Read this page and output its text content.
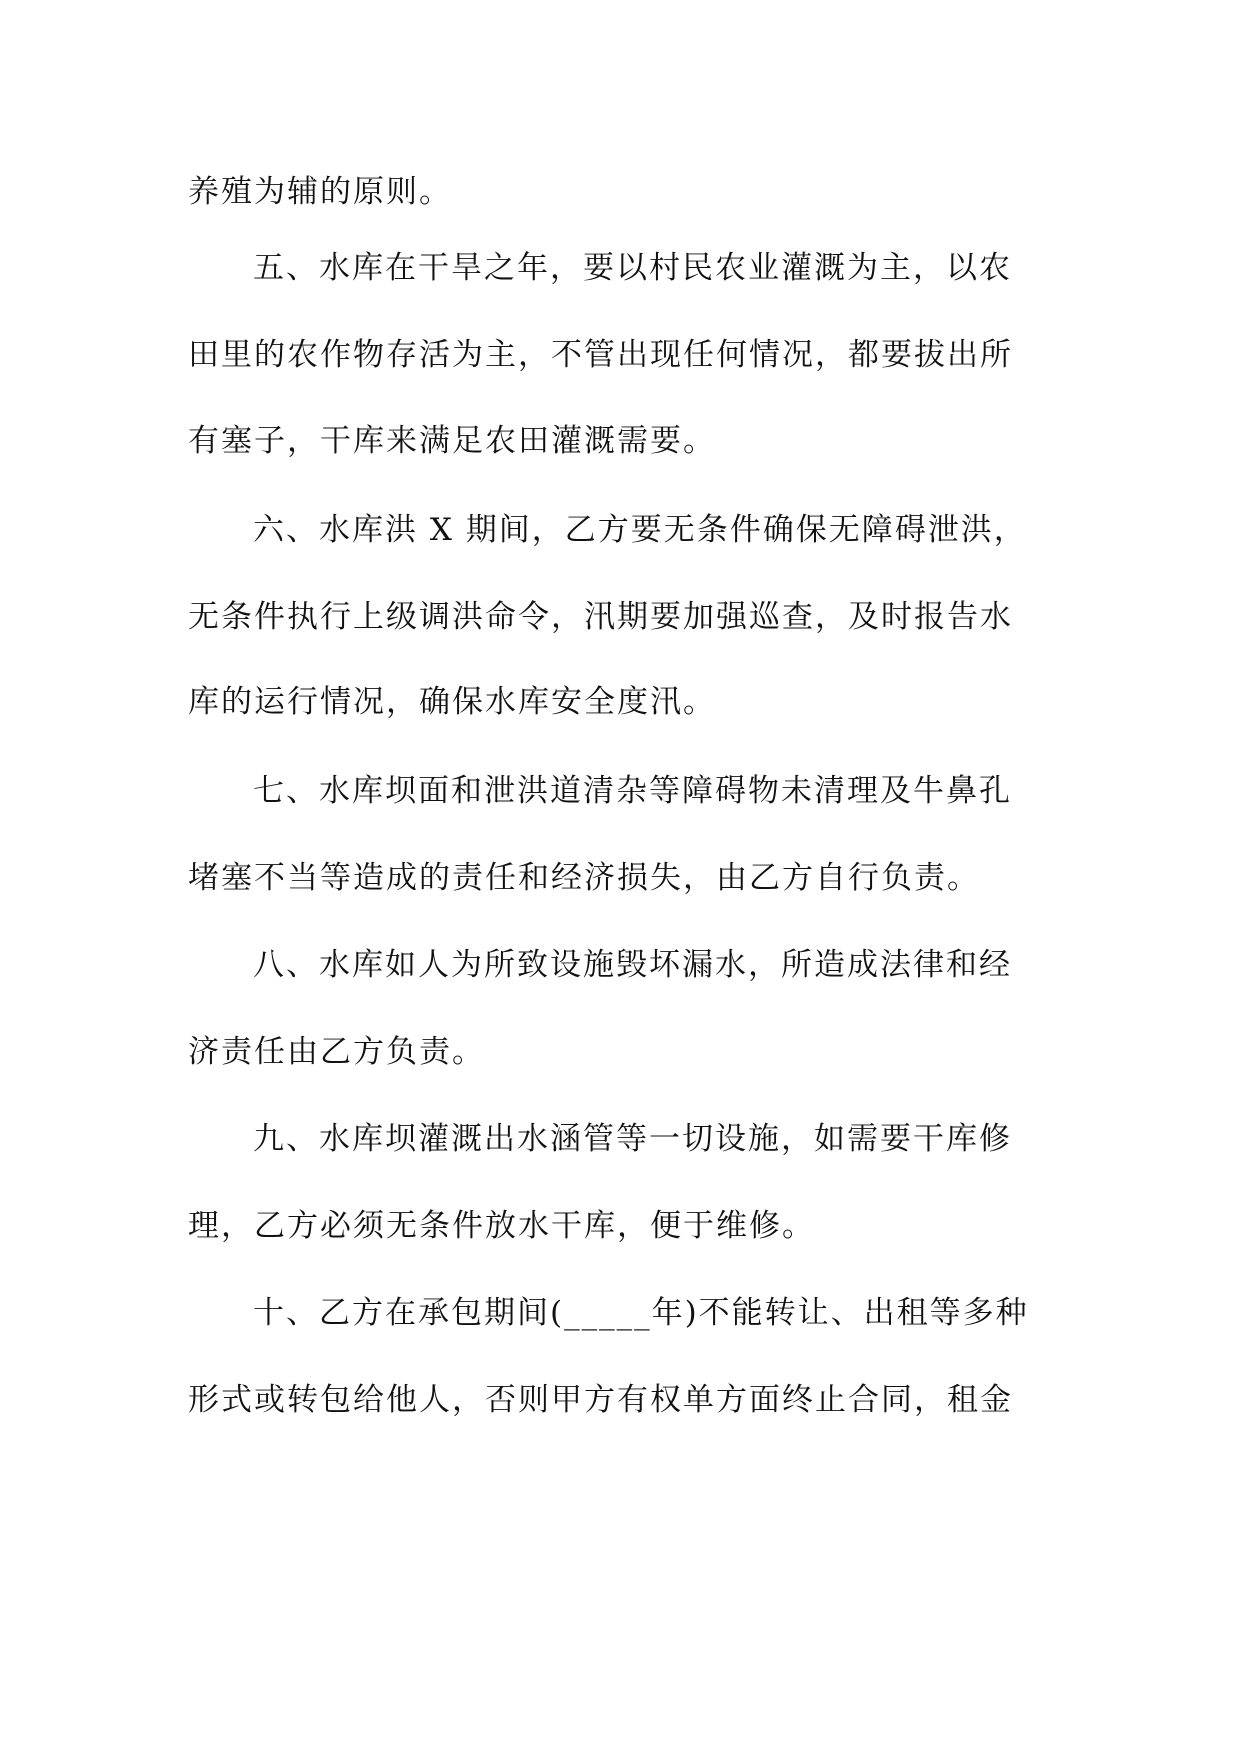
养殖为辅的原则。
五、水库在干旱之年，要以村民农业灌溉为主，以农
田里的农作物存活为主，不管出现任何情况，都要拔出所
有塞子，干库来满足农田灌溉需要。
六、水库洪 X 期间，乙方要无条件确保无障碍泄洪，
无条件执行上级调洪命令，汛期要加强巡查，及时报告水
库的运行情况，确保水库安全度汛。
七、水库坝面和泄洪道清杂等障碍物未清理及牛鼻孔
堵塞不当等造成的责任和经济损失，由乙方自行负责。
八、水库如人为所致设施毁坏漏水，所造成法律和经
济责任由乙方负责。
九、水库坝灌溉出水涵管等一切设施，如需要干库修
理，乙方必须无条件放水干库，便于维修。
十、乙方在承包期间(_____年)不能转让、出租等多种
形式或转包给他人，否则甲方有权单方面终止合同，租金
